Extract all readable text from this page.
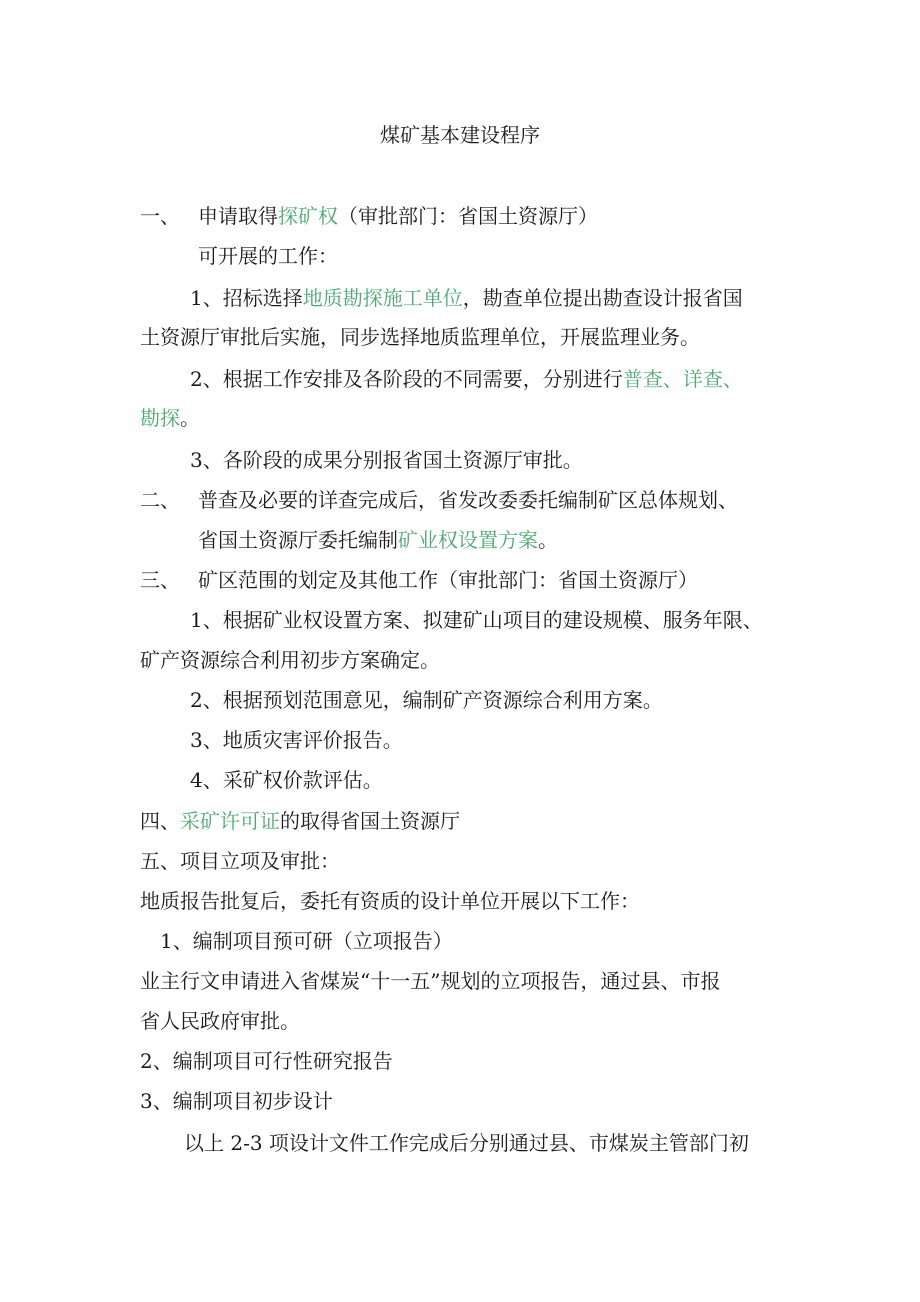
煤矿基本建设程序
一、 申请取得探矿权（审批部门：省国土资源厅）
可开展的工作：
1、招标选择地质勘探施工单位，勘查单位提出勘查设计报省国
土资源厅审批后实施，同步选择地质监理单位，开展监理业务。
2、根据工作安排及各阶段的不同需要，分别进行普查、详查、
勘探。
3、各阶段的成果分别报省国土资源厅审批。
二、 普查及必要的详查完成后，省发改委委托编制矿区总体规划、
省国土资源厅委托编制矿业权设置方案。
三、 矿区范围的划定及其他工作（审批部门：省国土资源厅）
1、根据矿业权设置方案、拟建矿山项目的建设规模、服务年限、
矿产资源综合利用初步方案确定。
2、根据预划范围意见，编制矿产资源综合利用方案。
3、地质灾害评价报告。
4、采矿权价款评估。
四、采矿许可证的取得省国土资源厅
五、项目立项及审批：
地质报告批复后，委托有资质的设计单位开展以下工作：
1、编制项目预可研（立项报告）
业主行文申请进入省煤炭“十一五”规划的立项报告，通过县、市报
省人民政府审批。
2、编制项目可行性研究报告
3、编制项目初步设计
以上 2-3 项设计文件工作完成后分别通过县、市煤炭主管部门初
